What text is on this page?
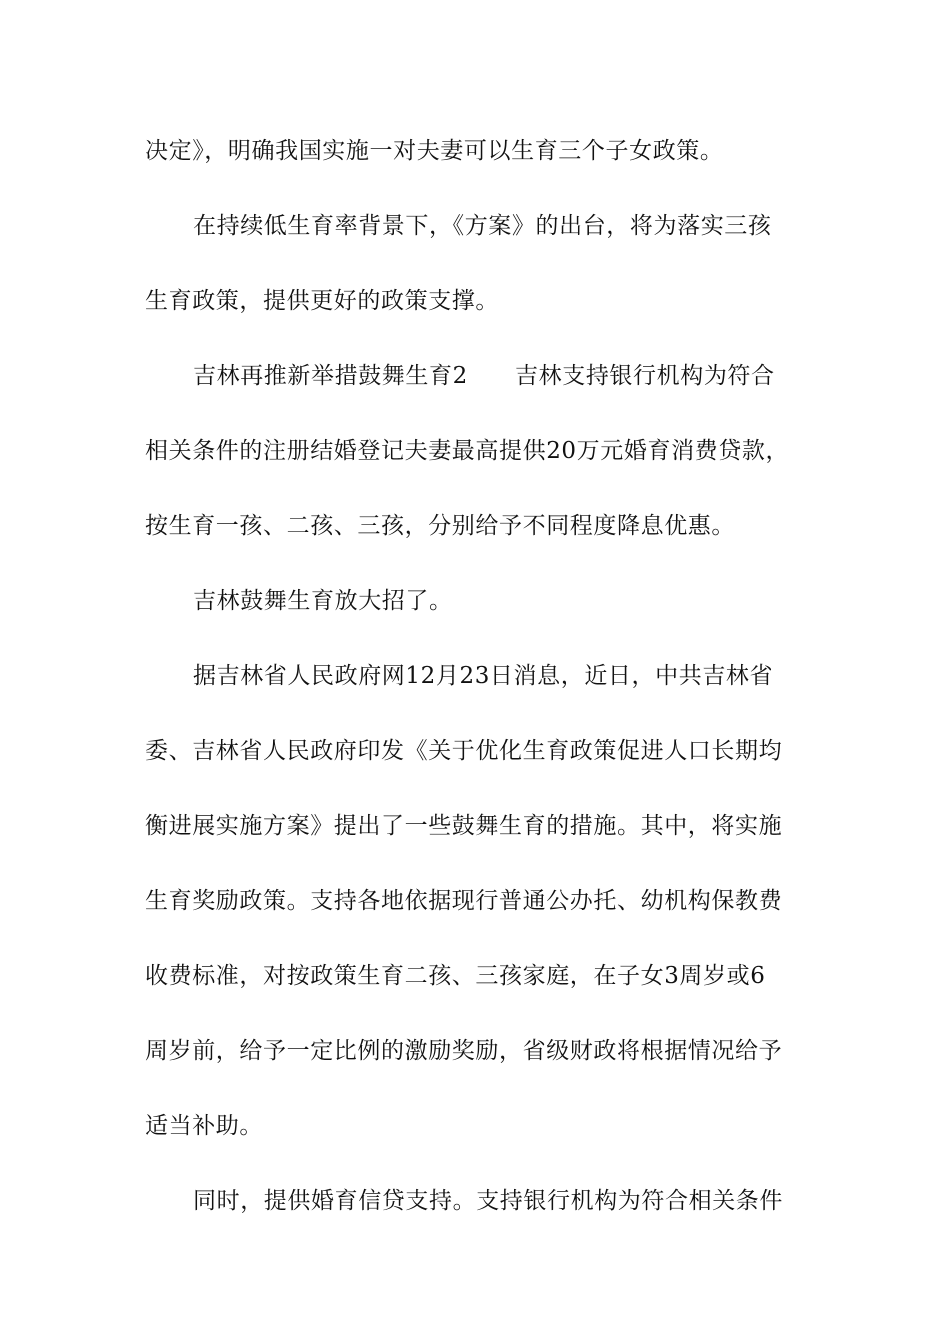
决定》，明确我国实施一对夫妻可以生育三个子女政策。
在持续低生育率背景下，《方案》的出台，将为落实三孩
生育政策，提供更好的政策支撑。
吉林再推新举措鼓舞生育2　　吉林支持银行机构为符合
相关条件的注册结婚登记夫妻最高提供20万元婚育消费贷款，
按生育一孩、二孩、三孩，分别给予不同程度降息优惠。
吉林鼓舞生育放大招了。
据吉林省人民政府网12月23日消息，近日，中共吉林省
委、吉林省人民政府印发《关于优化生育政策促进人口长期均
衡进展实施方案》提出了一些鼓舞生育的措施。其中，将实施
生育奖励政策。支持各地依据现行普通公办托、幼机构保教费
收费标准，对按政策生育二孩、三孩家庭，在子女3周岁或6
周岁前，给予一定比例的激励奖励，省级财政将根据情况给予
适当补助。
同时，提供婚育信贷支持。支持银行机构为符合相关条件
